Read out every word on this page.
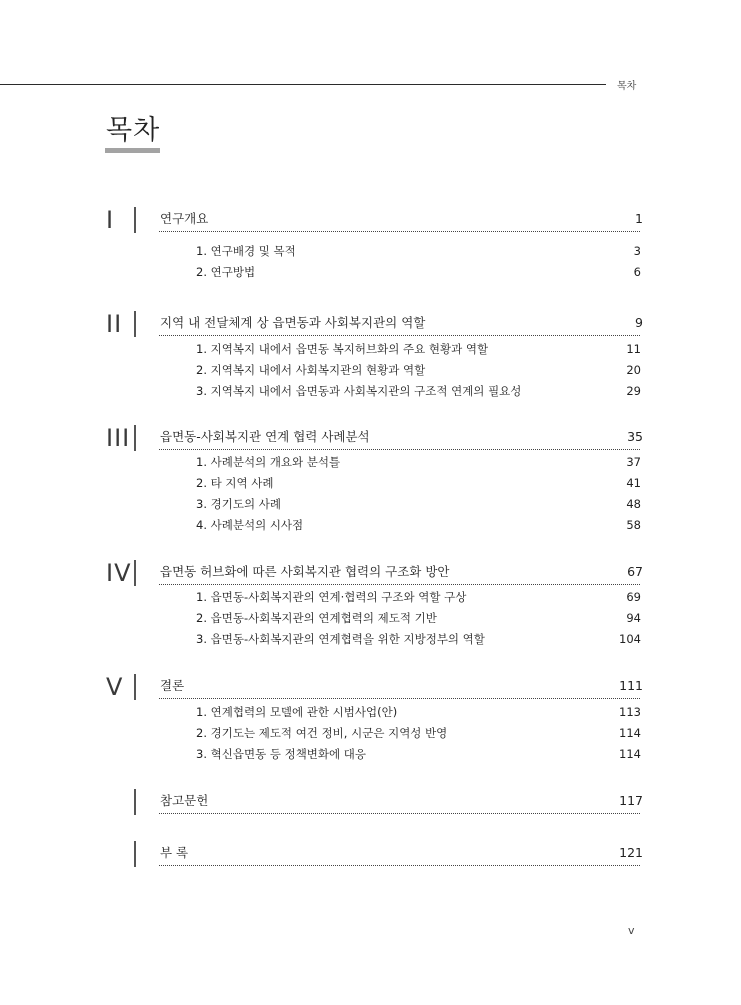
목차
목차
I	연구개요	1
1. 연구배경 및 목적	3
2. 연구방법	6
II	지역 내 전달체계 상 읍면동과 사회복지관의 역할	9
1. 지역복지 내에서 읍면동 복지허브화의 주요 현황과 역할	11
2. 지역복지 내에서 사회복지관의 현황과 역할	20
3. 지역복지 내에서 읍면동과 사회복지관의 구조적 연계의 필요성	29
III 읍면동-사회복지관 연계 협력 사례분석	35
1. 사례분석의 개요와 분석틀	37
2. 타 지역 사례	41
3. 경기도의 사례	48
4. 사례분석의 시사점	58
IV 읍면동 허브화에 따른 사회복지관 협력의 구조화 방안	67
1. 읍면동-사회복지관의 연계·협력의 구조와 역할 구상	69
2. 읍면동-사회복지관의 연계협력의 제도적 기반	94
3. 읍면동-사회복지관의 연계협력을 위한 지방정부의 역할	104
V	결론	111
1. 연계협력의 모델에 관한 시범사업(안)	113
2. 경기도는 제도적 여건 정비, 시군은 지역성 반영	114
3. 혁신읍면동 등 정책변화에 대응	114
참고문헌	117
부 록	121
v
